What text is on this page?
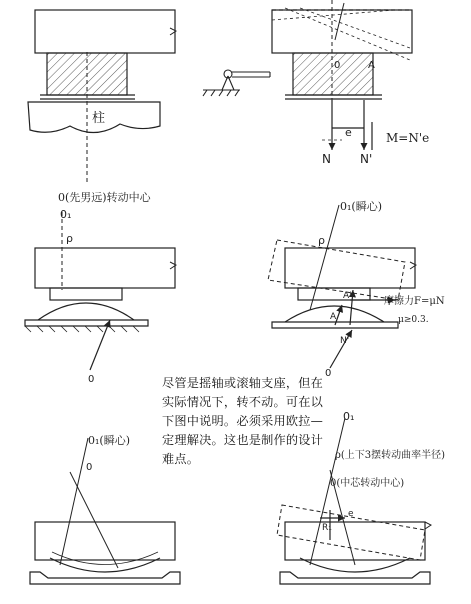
柱
0(先男远)转动中心
0	A
e	M=N'e
N N'
0₁
ρ
0
0₁(瞬心)
ρ
A'
A
N'
摩擦力F=μN
μ≥0.3.
0
0₁(瞬心)
0
0₁
ρ(上下3摆转动曲率半径)
0(中芯转动中心)
R₁
e
尽管是摇轴或滚轴支座，但在
实际情况下，转不动。可在以
下图中说明。必须采用欧拉—
定理解决。这也是制作的设计
难点。
